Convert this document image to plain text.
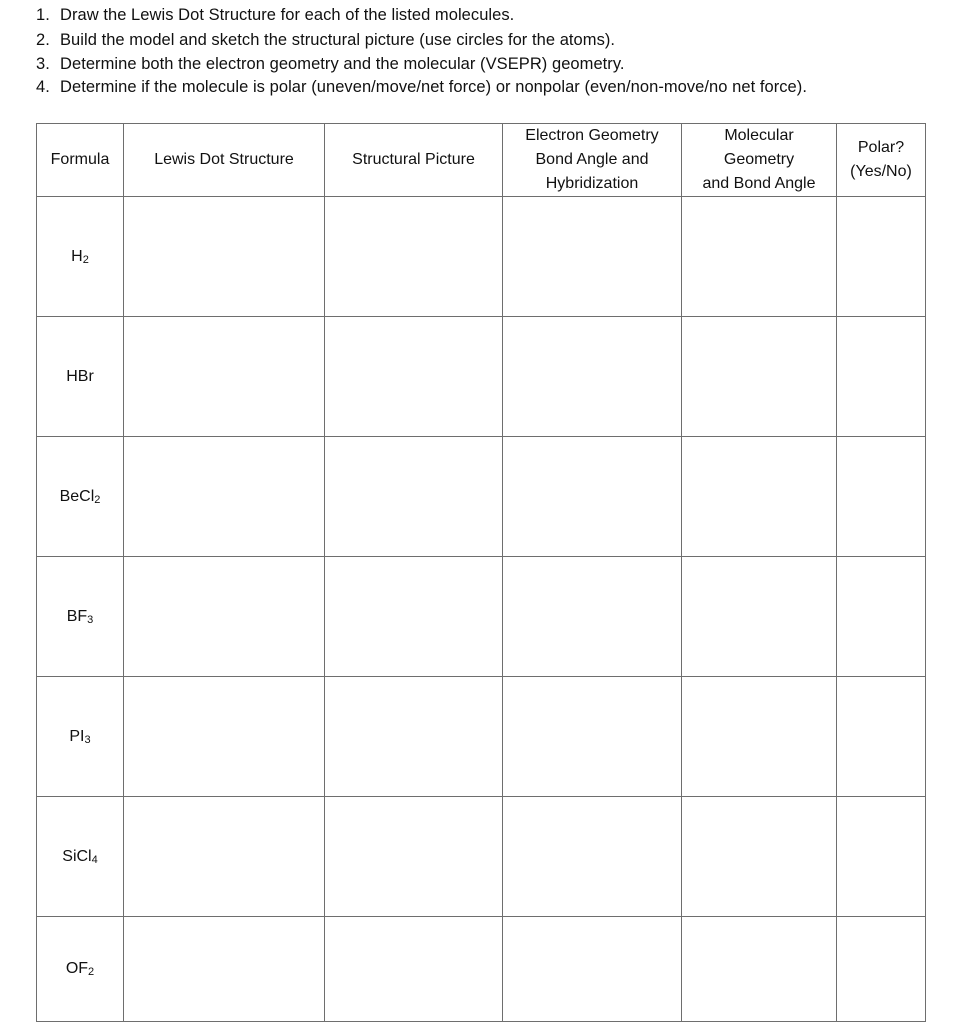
1. Draw the Lewis Dot Structure for each of the listed molecules.
2. Build the model and sketch the structural picture (use circles for the atoms).
3. Determine both the electron geometry and the molecular (VSEPR) geometry.
4. Determine if the molecule is polar (uneven/move/net force) or nonpolar (even/non-move/no net force).
Formula	Lewis Dot Structure	Structural Picture	Electron Geometry
Bond Angle and
Hybridization	Molecular
Geometry
and Bond Angle	Polar?
(Yes/No)

$H_2$					
HBr					
BeCl$_2$					
$BF_3$					
$PI_3$					
SiCl$_4$					
$OF_2$					
